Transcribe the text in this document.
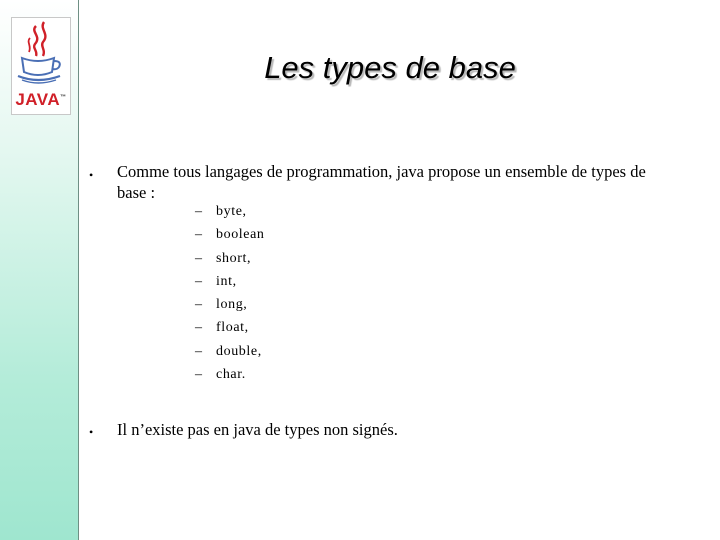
JAVA™
Les types de base
• Comme tous langages de programmation, java propose un ensemble de types de base :
– byte,
– boolean
– short,
– int,
– long,
– float,
– double,
– char.
• Il n’existe pas en java de types non signés.
